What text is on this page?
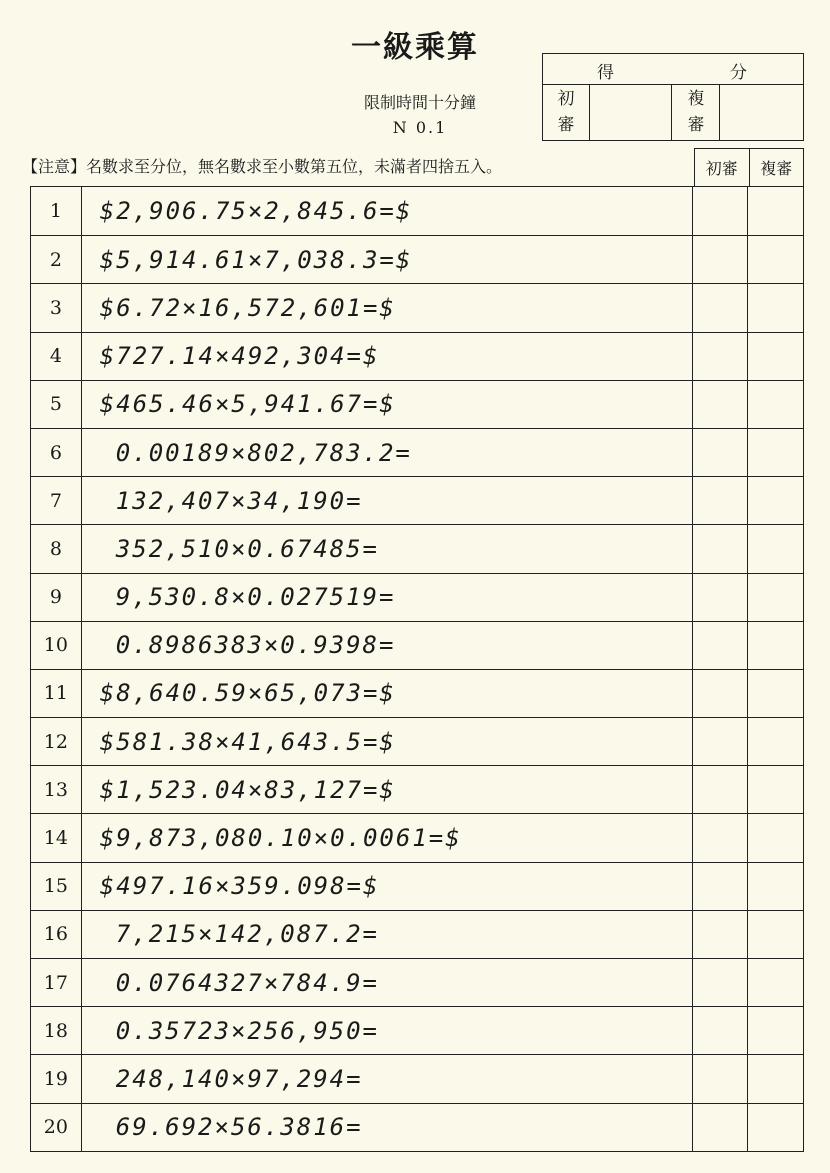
一級乘算
限制時間十分鐘
N 0.1
得	分
初
審
複
審
【注意】名數求至分位，無名數求至小數第五位，未滿者四捨五入。	初審	複審
1	$2,906.75×2,845.6=$
2	$5,914.61×7,038.3=$
3	$6.72×16,572,601=$
4	$727.14×492,304=$
5	$465.46×5,941.67=$
6	0.00189×802,783.2=
7	132,407×34,190=
8	352,510×0.67485=
9	9,530.8×0.027519=
10	0.8986383×0.9398=
11	$8,640.59×65,073=$
12	$581.38×41,643.5=$
13	$1,523.04×83,127=$
14	$9,873,080.10×0.0061=$
15	$497.16×359.098=$
16	7,215×142,087.2=
17	0.0764327×784.9=
18	0.35723×256,950=
19	248,140×97,294=
20	69.692×56.3816=
